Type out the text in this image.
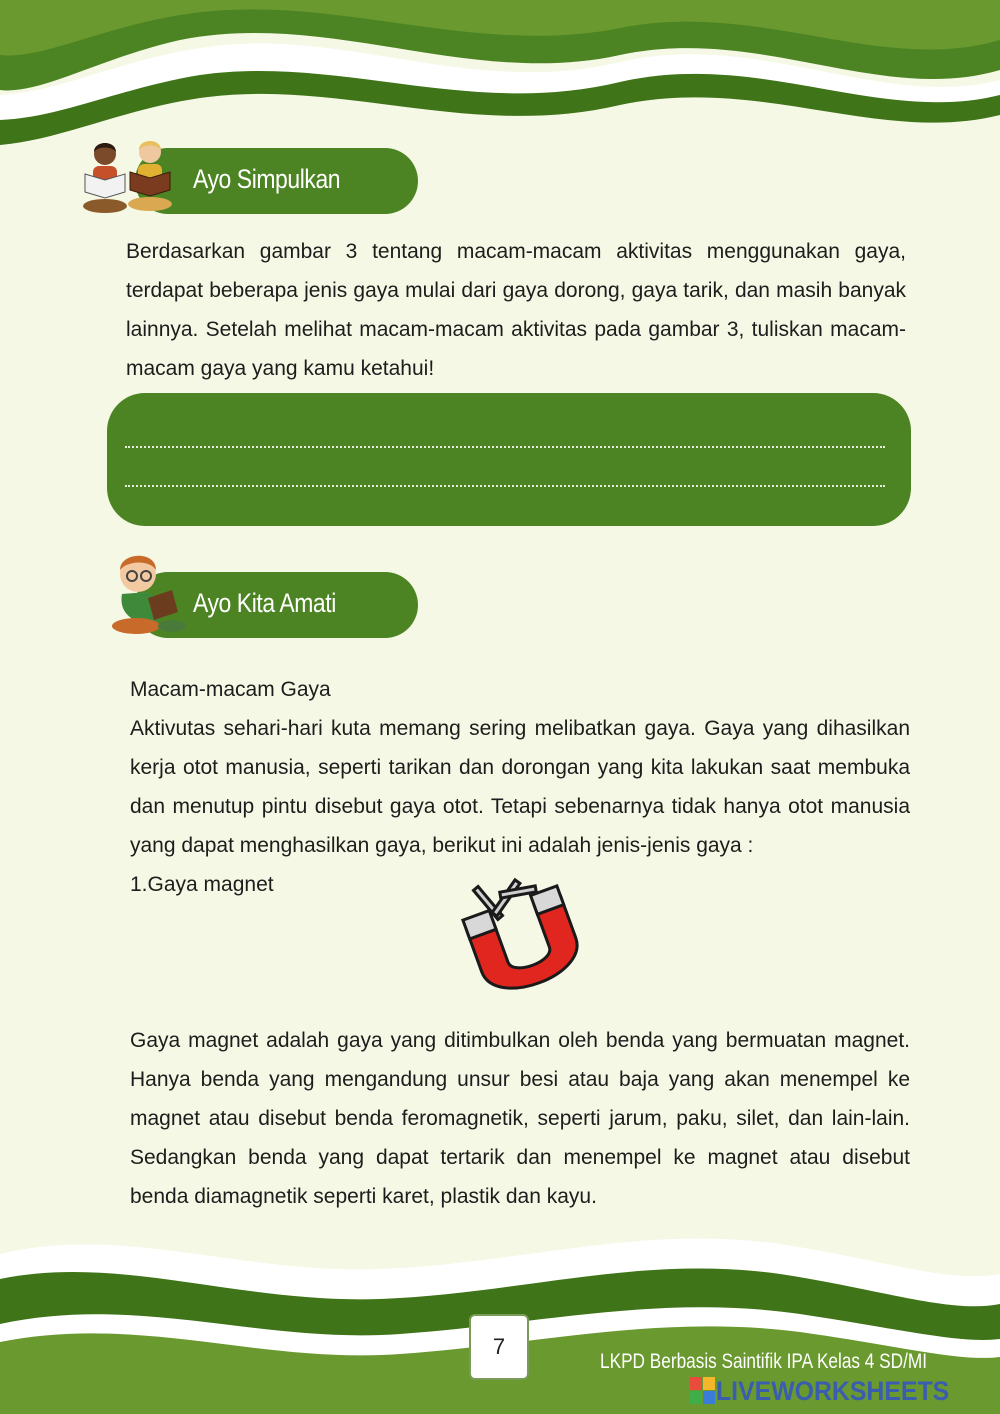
Ayo Simpulkan
Berdasarkan gambar 3 tentang macam-macam aktivitas menggunakan gaya, terdapat beberapa jenis gaya mulai dari gaya dorong, gaya tarik, dan masih banyak lainnya. Setelah melihat macam-macam aktivitas pada gambar 3, tuliskan macam-macam gaya yang kamu ketahui!
Ayo Kita Amati
Macam-macam Gaya
Aktivutas sehari-hari kuta memang sering melibatkan gaya. Gaya yang dihasilkan kerja otot manusia, seperti tarikan dan dorongan yang kita lakukan saat membuka dan menutup pintu disebut gaya otot. Tetapi sebenarnya tidak hanya otot manusia yang dapat menghasilkan gaya, berikut ini adalah jenis-jenis gaya :
1.Gaya magnet
Gaya magnet adalah gaya yang ditimbulkan oleh benda yang bermuatan magnet. Hanya benda yang mengandung unsur besi atau baja yang akan menempel ke magnet atau disebut benda feromagnetik, seperti jarum, paku, silet, dan lain-lain. Sedangkan benda yang dapat tertarik dan menempel ke magnet atau disebut benda diamagnetik seperti karet, plastik dan kayu.
7
LKPD Berbasis Saintifik IPA Kelas 4 SD/MI
LIVEWORKSHEETS
